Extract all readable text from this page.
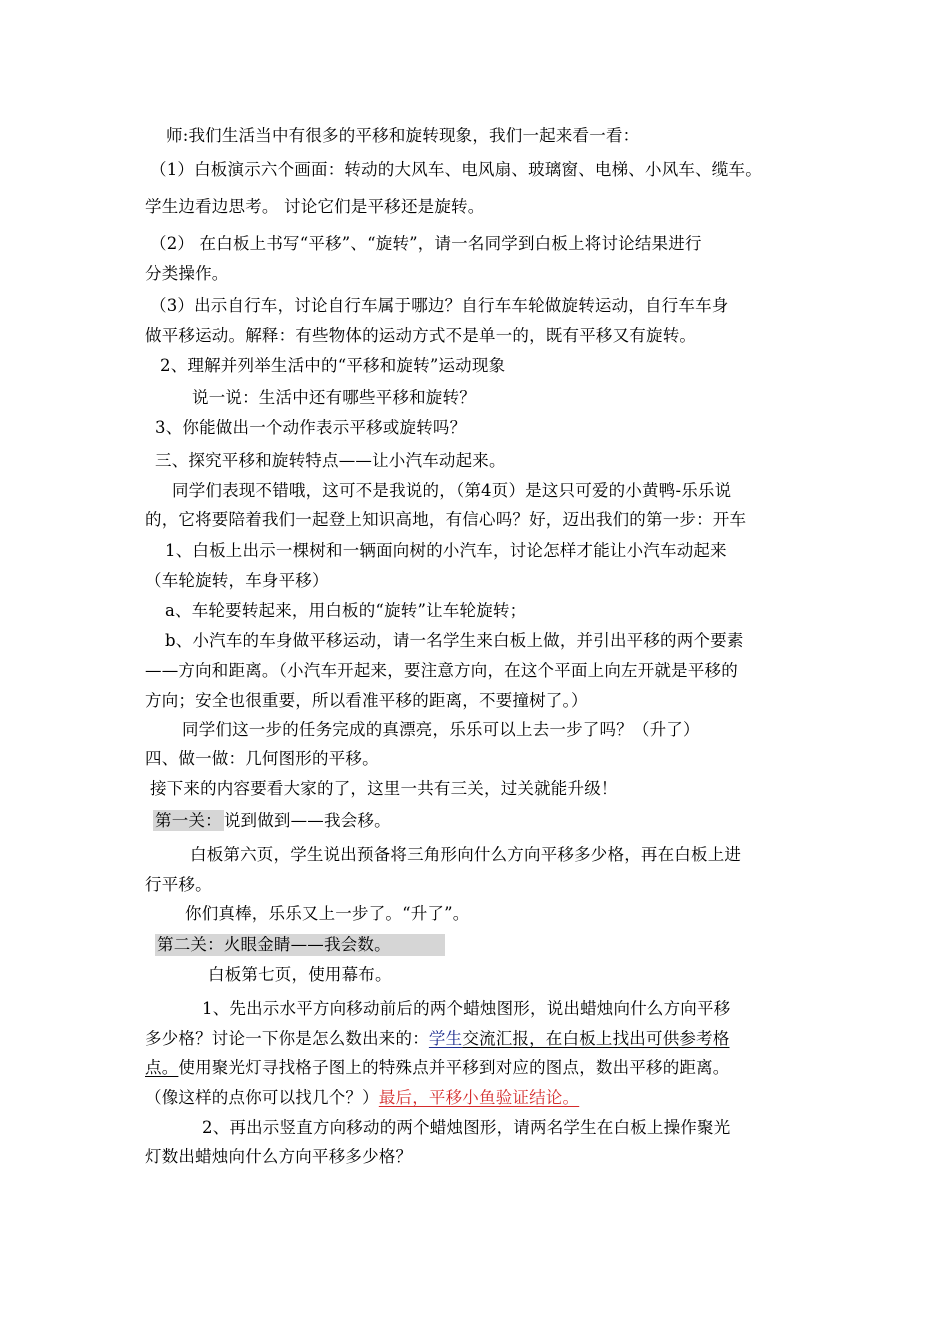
师:我们生活当中有很多的平移和旋转现象，我们一起来看一看：
（1）白板演示六个画面：转动的大风车、电风扇、玻璃窗、电梯、小风车、缆车。
学生边看边思考。 讨论它们是平移还是旋转。
（2） 在白板上书写“平移”、“旋转”，请一名同学到白板上将讨论结果进行
分类操作。
（3）出示自行车，讨论自行车属于哪边？自行车车轮做旋转运动，自行车车身
做平移运动。解释：有些物体的运动方式不是单一的，既有平移又有旋转。
2、理解并列举生活中的“平移和旋转”运动现象
说一说：生活中还有哪些平移和旋转？
3、你能做出一个动作表示平移或旋转吗？
三、探究平移和旋转特点——让小汽车动起来。
同学们表现不错哦，这可不是我说的，（第4页）是这只可爱的小黄鸭-乐乐说
的，它将要陪着我们一起登上知识高地，有信心吗？好，迈出我们的第一步：开车
1、白板上出示一棵树和一辆面向树的小汽车，讨论怎样才能让小汽车动起来
（车轮旋转，车身平移）
a、车轮要转起来，用白板的“旋转”让车轮旋转；
b、小汽车的车身做平移运动，请一名学生来白板上做，并引出平移的两个要素
——方向和距离。（小汽车开起来，要注意方向，在这个平面上向左开就是平移的
方向；安全也很重要，所以看准平移的距离，不要撞树了。）
同学们这一步的任务完成的真漂亮，乐乐可以上去一步了吗？（升了）
四、做一做：几何图形的平移。
接下来的内容要看大家的了，这里一共有三关，过关就能升级！
第一关： 说到做到——我会移。
白板第六页，学生说出预备将三角形向什么方向平移多少格，再在白板上进
行平移。
你们真棒，乐乐又上一步了。“升了”。
第二关：火眼金睛——我会数。
白板第七页，使用幕布。
1、先出示水平方向移动前后的两个蜡烛图形，说出蜡烛向什么方向平移
多少格？讨论一下你是怎么数出来的：学生交流汇报，在白板上找出可供参考格
点。使用聚光灯寻找格子图上的特殊点并平移到对应的图点，数出平移的距离。
（像这样的点你可以找几个？）最后，平移小鱼验证结论。
2、再出示竖直方向移动的两个蜡烛图形，请两名学生在白板上操作聚光
灯数出蜡烛向什么方向平移多少格？
